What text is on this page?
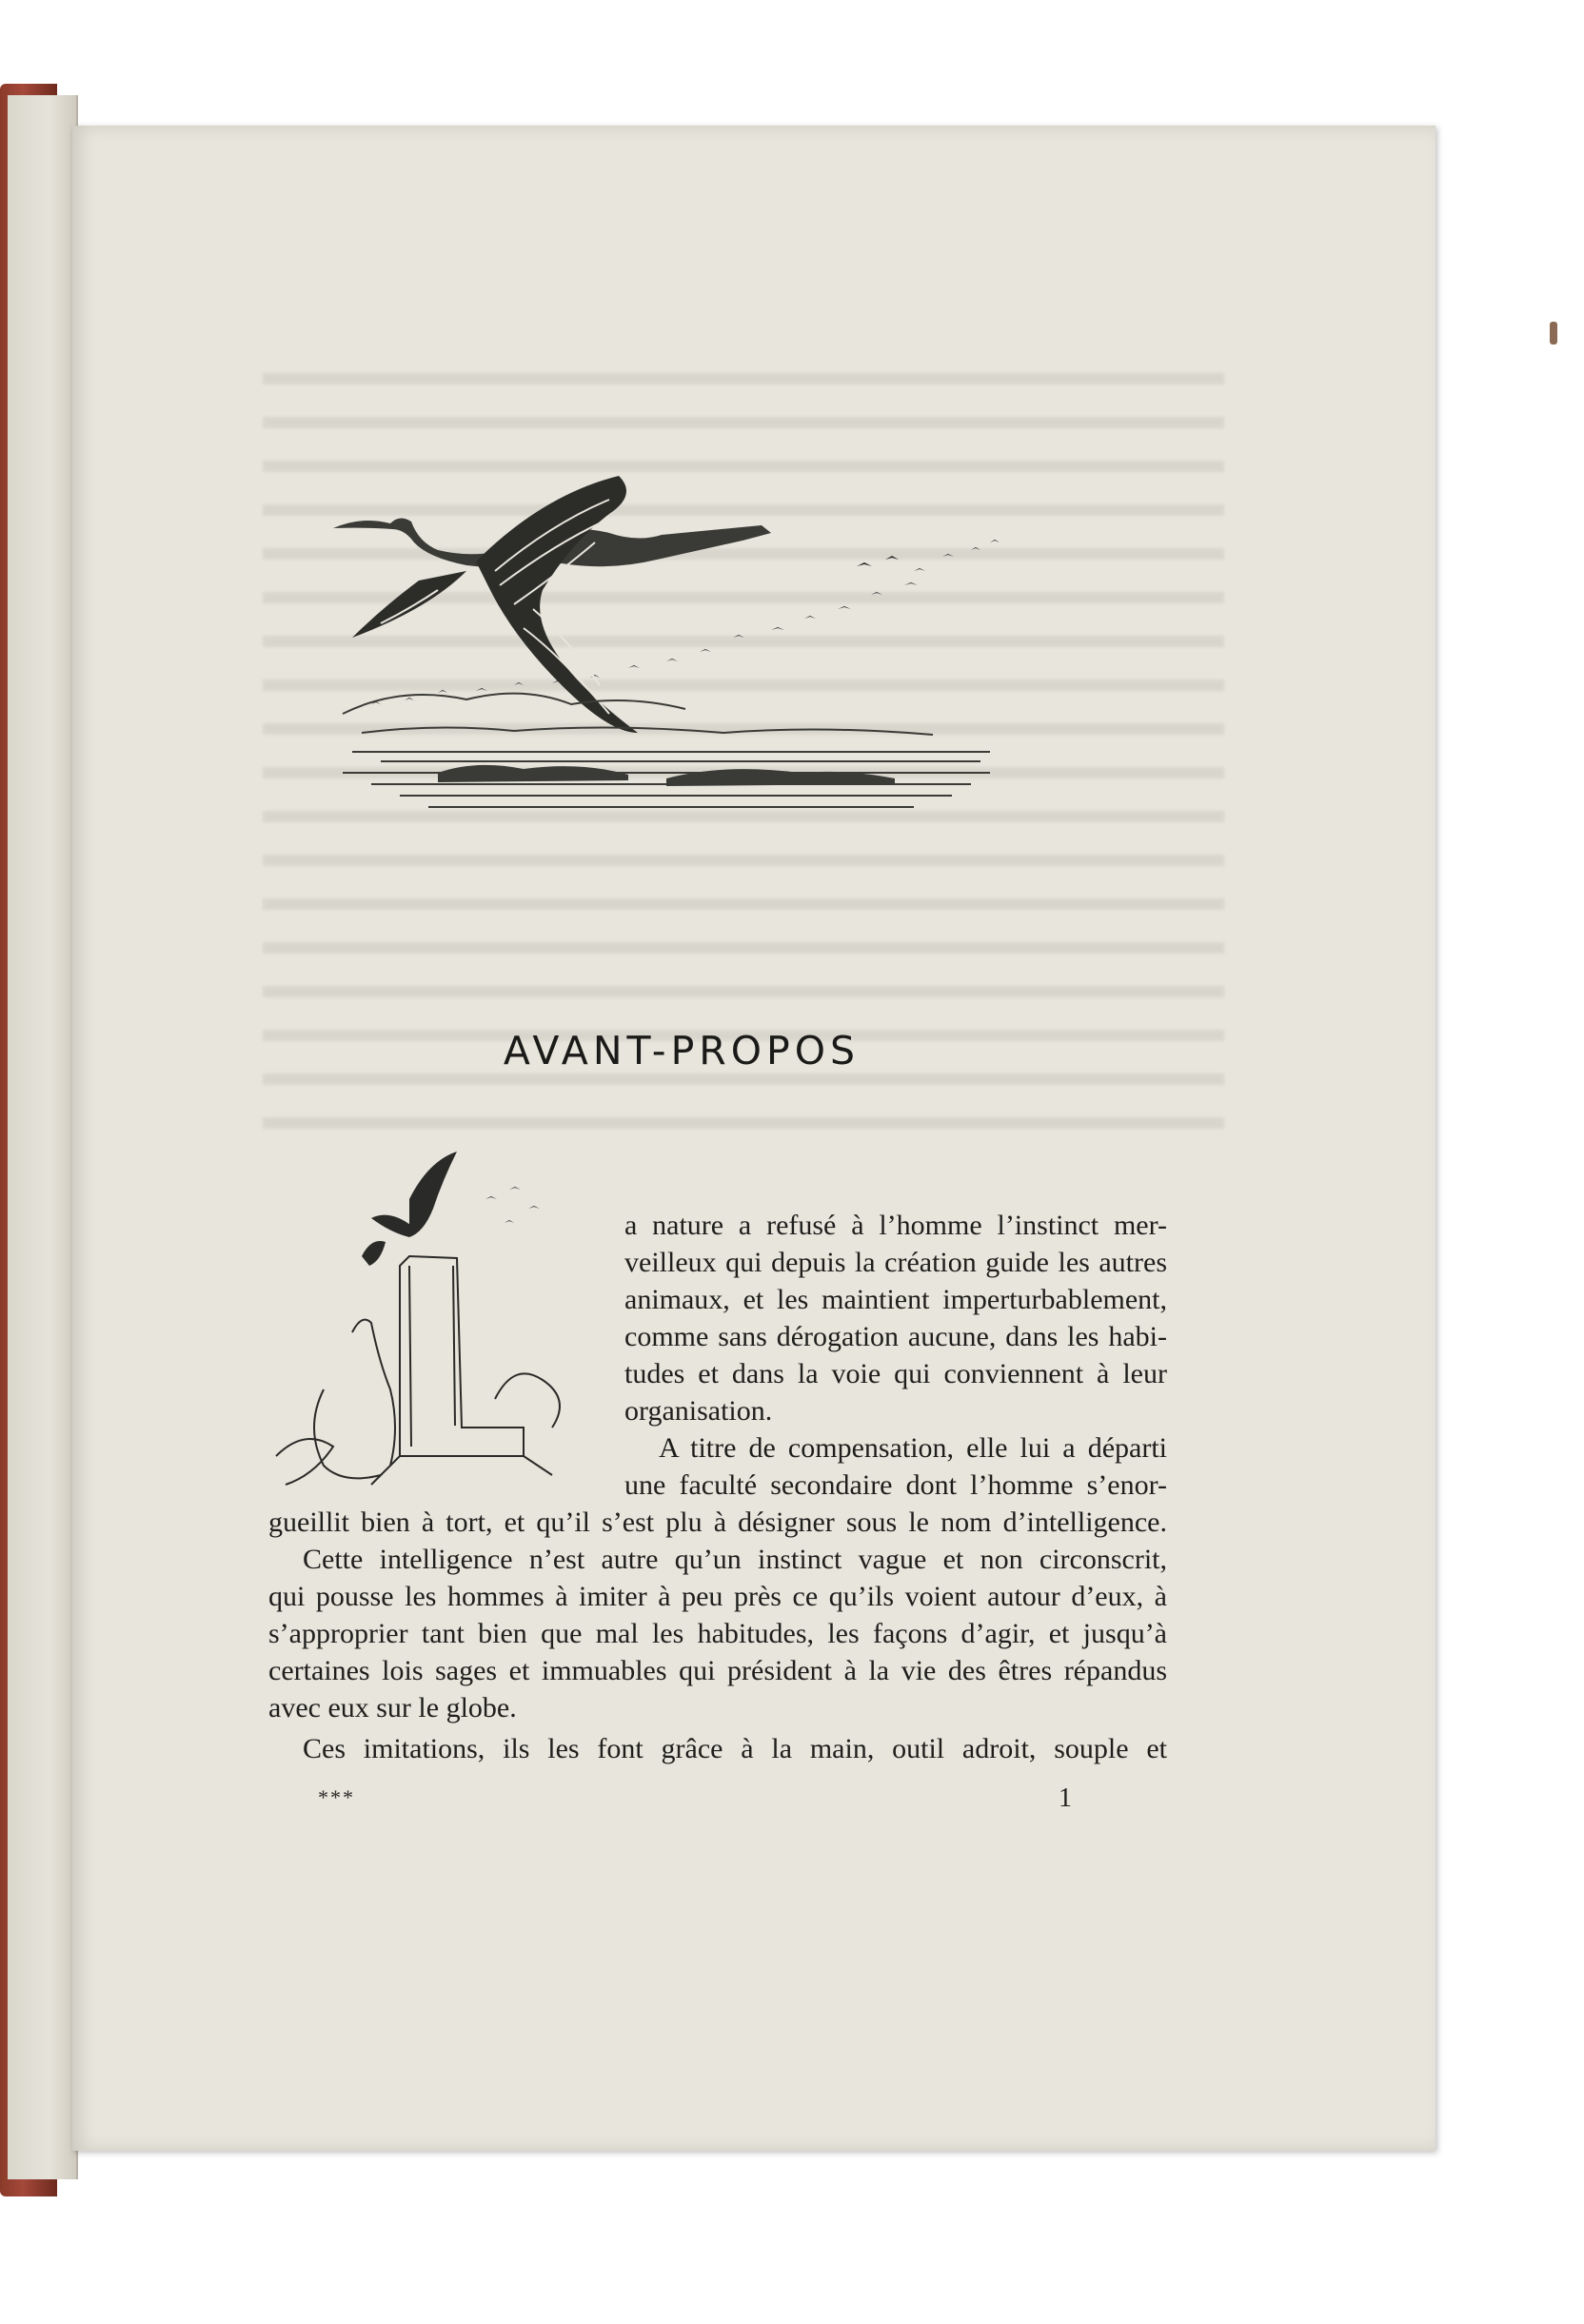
AVANT-PROPOS
a nature a refusé à l’homme l’instinct mer-
veilleux qui depuis la création guide les autres
animaux, et les maintient imperturbablement,
comme sans dérogation aucune, dans les habi-
tudes et dans la voie qui conviennent à leur
organisation.
A titre de compensation, elle lui a départi
une faculté secondaire dont l’homme s’enor-
gueillit bien à tort, et qu’il s’est plu à désigner sous le nom d’intelligence.
Cette intelligence n’est autre qu’un instinct vague et non circonscrit,
qui pousse les hommes à imiter à peu près ce qu’ils voient autour d’eux, à
s’approprier tant bien que mal les habitudes, les façons d’agir, et jusqu’à
certaines lois sages et immuables qui président à la vie des êtres répandus
avec eux sur le globe.
Ces imitations, ils les font grâce à la main, outil adroit, souple et
***	1
